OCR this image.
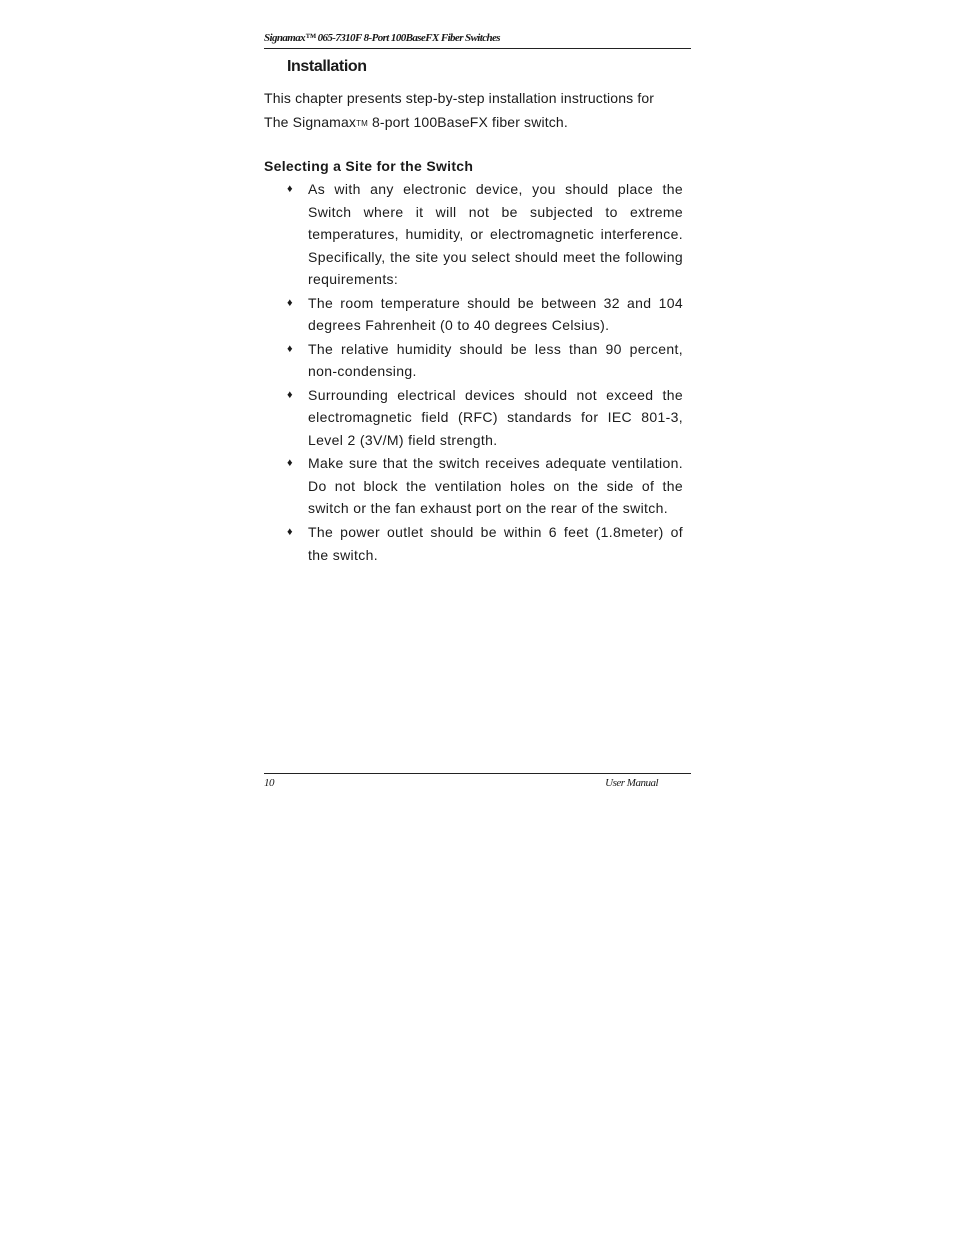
Signamax™ 065-7310F 8-Port 100BaseFX Fiber Switches
Installation

This chapter presents step-by-step installation instructions for
The SignamaxTM 8-port 100BaseFX fiber switch.

Selecting a Site for the Switch
♦ As with any electronic device, you should place the Switch where it will not be subjected to extreme temperatures, humidity, or electromagnetic interference. Specifically, the site you select should meet the following requirements:
♦ The room temperature should be between 32 and 104 degrees Fahrenheit (0 to 40 degrees Celsius).
♦ The relative humidity should be less than 90 percent, non-condensing.
♦ Surrounding electrical devices should not exceed the electromagnetic field (RFC) standards for IEC 801-3, Level 2 (3V/M) field strength.
♦ Make sure that the switch receives adequate ventilation. Do not block the ventilation holes on the side of the switch or the fan exhaust port on the rear of the switch.
♦ The power outlet should be within 6 feet (1.8meter) of the switch.
10	User Manual
